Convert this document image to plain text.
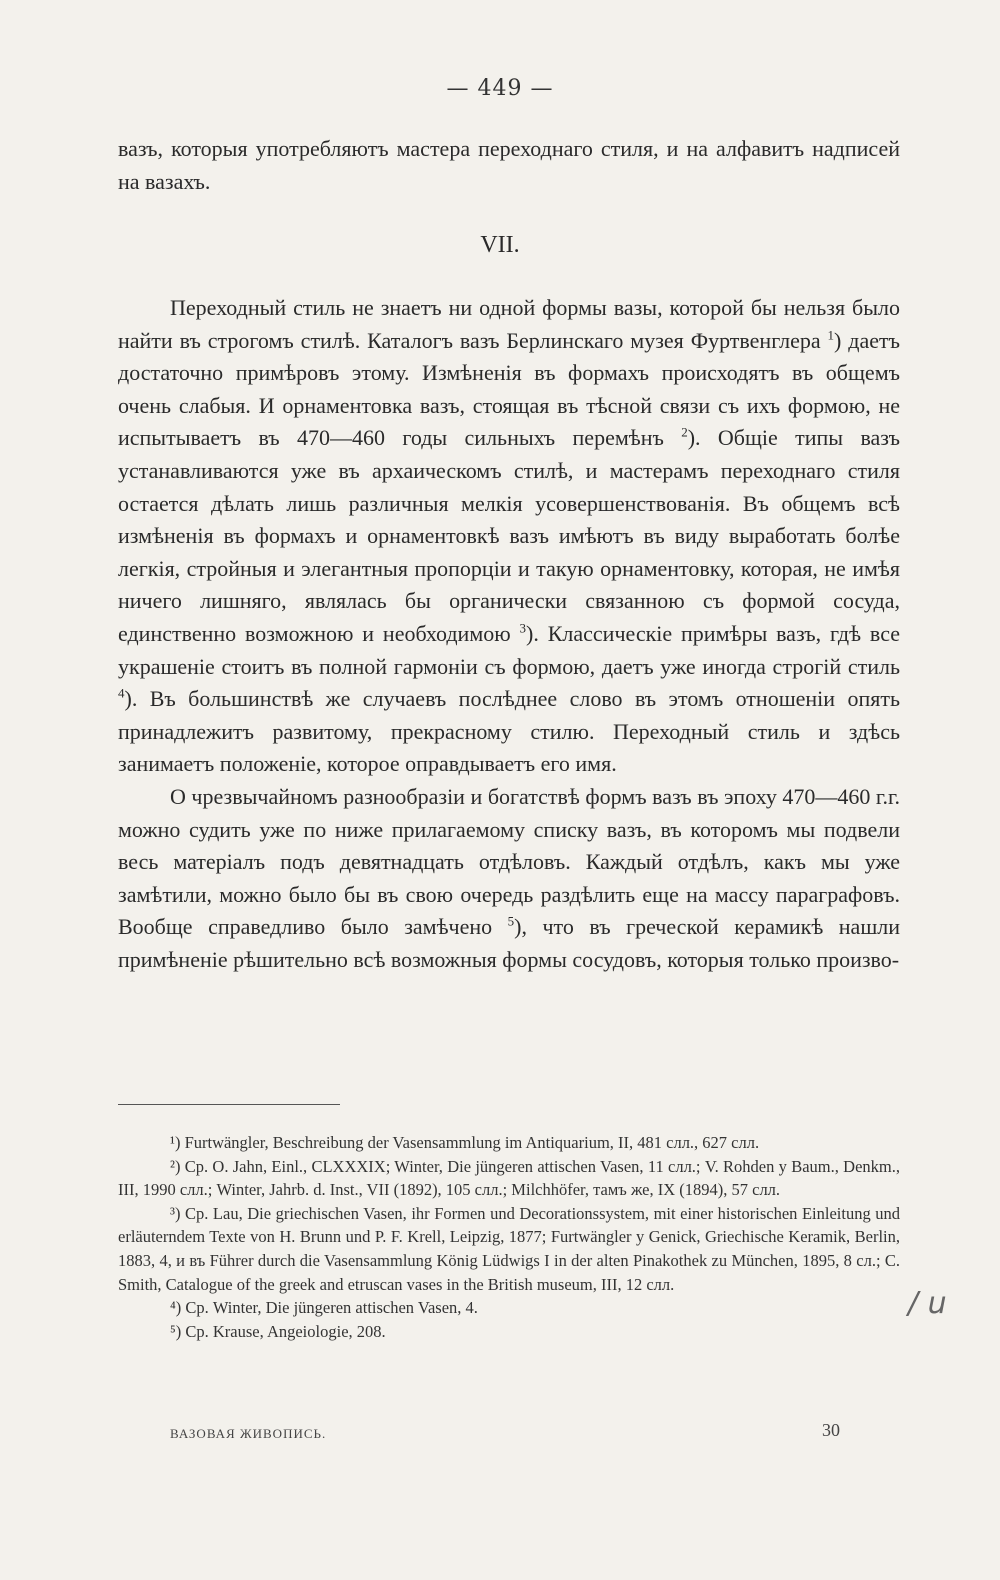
— 449 —

вазъ, которыя употребляютъ мастера переходнаго стиля, и на алфавитъ надписей на вазахъ.

VII.

Переходный стиль не знаетъ ни одной формы вазы, которой бы нельзя было найти въ строгомъ стилѣ. Каталогъ вазъ Берлинскаго музея Фуртвенглера $^1$) даетъ достаточно примѣровъ этому. Измѣненія въ формахъ происходятъ въ общемъ очень слабыя. И орнаментовка вазъ, стоящая въ тѣсной связи съ ихъ формою, не испытываетъ въ 470—460 годы сильныхъ перемѣнъ $^2$). Общіе типы вазъ устанавливаются уже въ архаическомъ стилѣ, и мастерамъ переходнаго стиля остается дѣлать лишь различныя мелкія усовершенствованія. Въ общемъ всѣ измѣненія въ формахъ и орнаментовкѣ вазъ имѣютъ въ виду выработать болѣе легкія, стройныя и элегантныя пропорціи и такую орнаментовку, которая, не имѣя ничего лишняго, являлась бы органически связанною съ формой сосуда, единственно возможною и необходимою $^3$). Классическіе примѣры вазъ, гдѣ все украшеніе стоитъ въ полной гармоніи съ формою, даетъ уже иногда строгій стиль $^4$). Въ большинствѣ же случаевъ послѣднее слово въ этомъ отношеніи опять принадлежитъ развитому, прекрасному стилю. Переходный стиль и здѣсь занимаетъ положеніе, которое оправдываетъ его имя.

О чрезвычайномъ разнообразіи и богатствѣ формъ вазъ въ эпоху 470—460 г.г. можно судить уже по ниже прилагаемому списку вазъ, въ которомъ мы подвели весь матеріалъ подъ девятнадцать отдѣловъ. Каждый отдѣлъ, какъ мы уже замѣтили, можно было бы въ свою очередь раздѣлить еще на массу параграфовъ. Вообще справедливо было замѣчено $^5$), что въ греческой керамикѣ нашли примѣненіе рѣшительно всѣ возможныя формы сосудовъ, которыя только произво-

¹) Furtwängler, Beschreibung der Vasensammlung im Antiquarium, II, 481 слл., 627 слл.

²) Ср. O. Jahn, Einl., CLXXXIX; Winter, Die jüngeren attischen Vasen, 11 слл.; V. Rohden у Baum., Denkm., III, 1990 слл.; Winter, Jahrb. d. Inst., VII (1892), 105 слл.; Milchhöfer, тамъ же, IX (1894), 57 слл.

³) Ср. Lau, Die griechischen Vasen, ihr Formen und Decorationssystem, mit einer historischen Einleitung und erläuterndem Texte von H. Brunn und P. F. Krell, Leipzig, 1877; Furtwängler y Genick, Griechische Keramik, Berlin, 1883, 4, и въ Führer durch die Vasensammlung König Lüdwigs I in der alten Pinakothek zu München, 1895, 8 сл.; C. Smith, Catalogue of the greek and etruscan vases in the British museum, III, 12 слл.

⁴) Ср. Winter, Die jüngeren attischen Vasen, 4.

⁵) Ср. Krause, Angeiologie, 208.

ВАЗОВАЯ ЖИВОПИСЬ.	30
/ u
